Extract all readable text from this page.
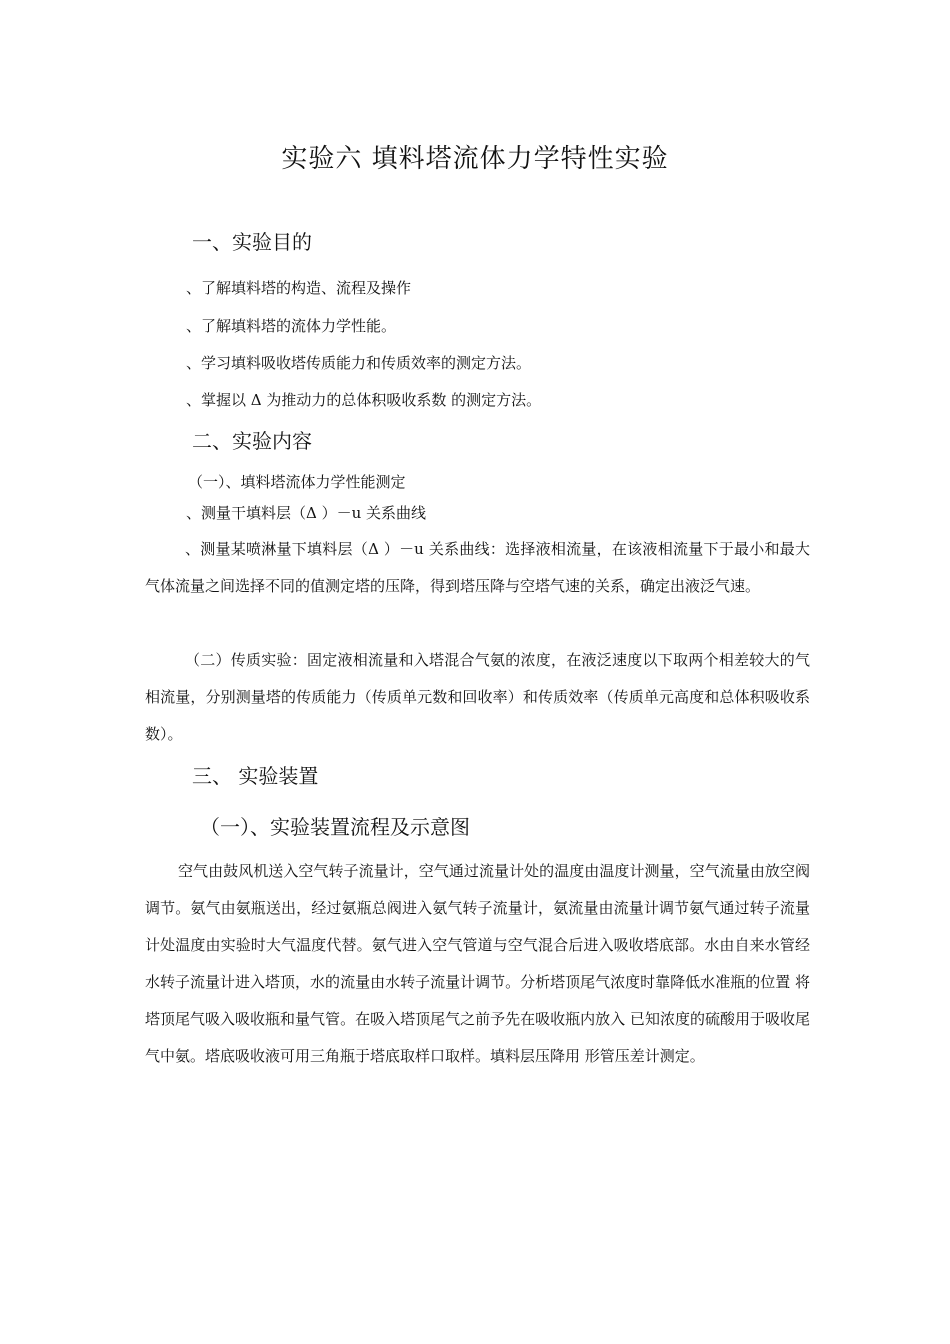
实验六 填料塔流体力学特性实验
一、实验目的

、了解填料塔的构造、流程及操作

、了解填料塔的流体力学性能。

、学习填料吸收塔传质能力和传质效率的测定方法。

、掌握以 Δ 为推动力的总体积吸收系数 的测定方法。

二、实验内容

（一）、填料塔流体力学性能测定

、测量干填料层（Δ ）－u 关系曲线

、测量某喷淋量下填料层（Δ ）－u 关系曲线：选择液相流量，在该液相流量下于最小和最大气体流量之间选择不同的值测定塔的压降，得到塔压降与空塔气速的关系，确定出液泛气速。

（二）传质实验：固定液相流量和入塔混合气氨的浓度，在液泛速度以下取两个相差较大的气相流量，分别测量塔的传质能力（传质单元数和回收率）和传质效率（传质单元高度和总体积吸收系数）。

三、 实验装置
（一）、实验装置流程及示意图

空气由鼓风机送入空气转子流量计，空气通过流量计处的温度由温度计测量，空气流量由放空阀调节。氨气由氨瓶送出，经过氨瓶总阀进入氨气转子流量计，氨流量由流量计调节氨气通过转子流量计处温度由实验时大气温度代替。氨气进入空气管道与空气混合后进入吸收塔底部。水由自来水管经水转子流量计进入塔顶，水的流量由水转子流量计调节。分析塔顶尾气浓度时靠降低水准瓶的位置 将塔顶尾气吸入吸收瓶和量气管。在吸入塔顶尾气之前予先在吸收瓶内放入 已知浓度的硫酸用于吸收尾气中氨。塔底吸收液可用三角瓶于塔底取样口取样。填料层压降用 形管压差计测定。
